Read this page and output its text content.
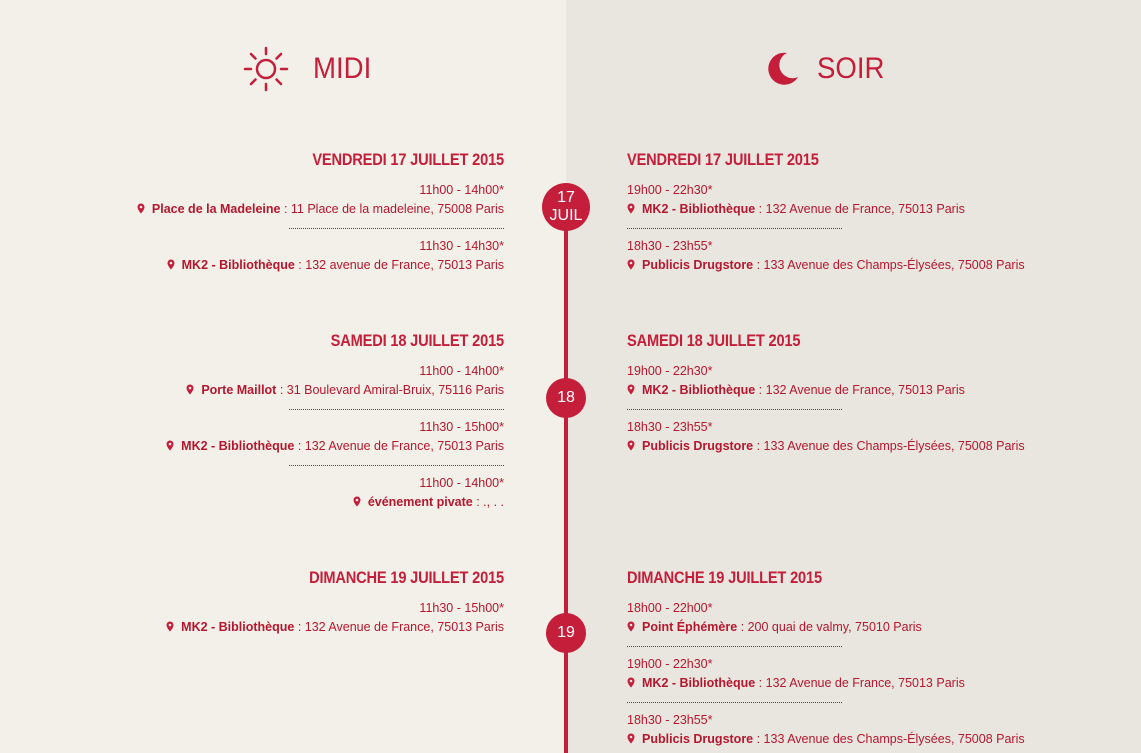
MIDI	SOIR
VENDREDI 17 JUILLET 2015
11h00 - 14h00*
Place de la Madeleine : 11 Place de la madeleine, 75008 Paris
11h30 - 14h30*
MK2 - Bibliothèque : 132 avenue de France, 75013 Paris
VENDREDI 17 JUILLET 2015
19h00 - 22h30*
MK2 - Bibliothèque : 132 Avenue de France, 75013 Paris
18h30 - 23h55*
Publicis Drugstore : 133 Avenue des Champs-Élysées, 75008 Paris
SAMEDI 18 JUILLET 2015
11h00 - 14h00*
Porte Maillot : 31 Boulevard Amiral-Bruix, 75116 Paris
11h30 - 15h00*
MK2 - Bibliothèque : 132 Avenue de France, 75013 Paris
11h00 - 14h00*
événement pivate : ., . .
SAMEDI 18 JUILLET 2015
19h00 - 22h30*
MK2 - Bibliothèque : 132 Avenue de France, 75013 Paris
18h30 - 23h55*
Publicis Drugstore : 133 Avenue des Champs-Élysées, 75008 Paris
DIMANCHE 19 JUILLET 2015
11h30 - 15h00*
MK2 - Bibliothèque : 132 Avenue de France, 75013 Paris
DIMANCHE 19 JUILLET 2015
18h00 - 22h00*
Point Éphémère : 200 quai de valmy, 75010 Paris
19h00 - 22h30*
MK2 - Bibliothèque : 132 Avenue de France, 75013 Paris
18h30 - 23h55*
Publicis Drugstore : 133 Avenue des Champs-Élysées, 75008 Paris
17
JUIL
18
19
